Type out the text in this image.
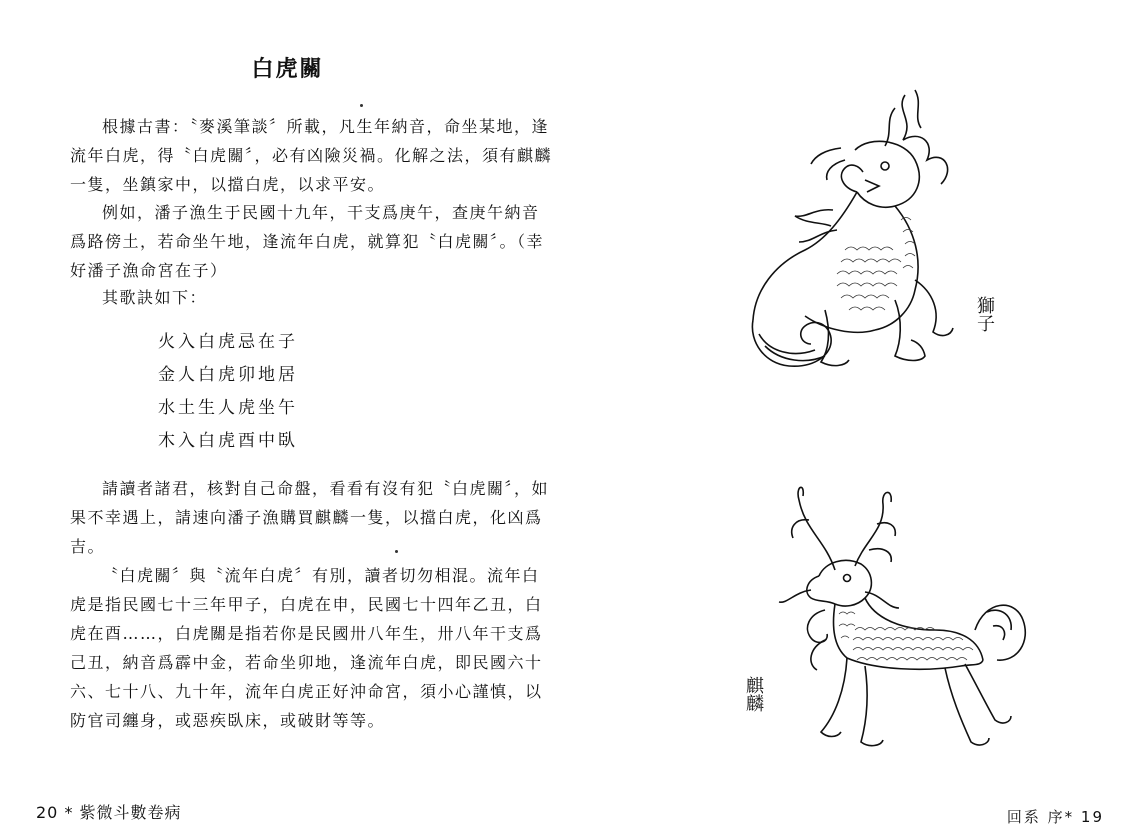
白虎關

根據古書：〝麥溪筆談〞所載，凡生年納音，命坐某地，逢流年白虎，得〝白虎關〞，必有凶險災禍。化解之法，須有麒麟一隻，坐鎮家中，以擋白虎，以求平安。

例如，潘子漁生于民國十九年，干支爲庚午，查庚午納音爲路傍土，若命坐午地，逢流年白虎，就算犯〝白虎關〞。（幸好潘子漁命宮在子）

其歌訣如下：

火入白虎忌在子
金人白虎卯地居
水土生人虎坐午
木入白虎酉中臥

請讀者諸君，核對自己命盤，看看有沒有犯〝白虎關〞，如果不幸遇上，請速向潘子漁購買麒麟一隻，以擋白虎，化凶爲吉。

〝白虎關〞與〝流年白虎〞有別，讀者切勿相混。流年白虎是指民國七十三年甲子，白虎在申，民國七十四年乙丑，白虎在酉……，白虎關是指若你是民國卅八年生，卅八年干支爲己丑，納音爲霹中金，若命坐卯地，逢流年白虎，即民國六十六、七十八、九十年，流年白虎正好沖命宮，須小心謹慎，以防官司纏身，或惡疾臥床，或破財等等。

20 * 紫微斗數卷病
獅子
麒麟
回系 序* 19
